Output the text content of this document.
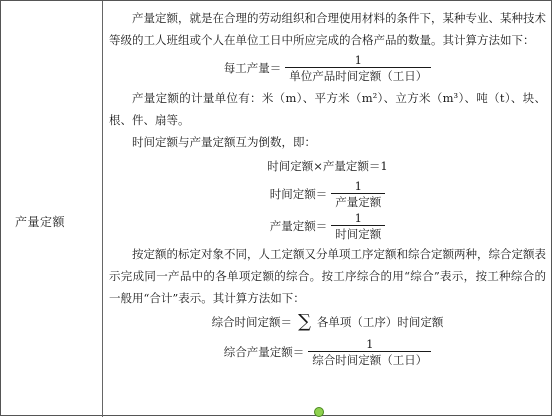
产量定额

产量定额，就是在合理的劳动组织和合理使用材料的条件下，某种专业、某种技术等级的工人班组或个人在单位工日中所应完成的合格产品的数量。其计算方法如下：

每工产量＝ $\frac{1}{\text{单位产品时间定额（工日）}}$

产量定额的计量单位有：米（m）、平方米（m²）、立方米（m³）、吨（t）、块、根、件、扇等。

时间定额与产量定额互为倒数，即：

时间定额×产量定额＝1
时间定额＝ $\frac{1}{\text{产量定额}}$
产量定额＝ $\frac{1}{\text{时间定额}}$

按定额的标定对象不同，人工定额又分单项工序定额和综合定额两种，综合定额表示完成同一产品中的各单项定额的综合。按工序综合的用“综合”表示，按工种综合的一般用“合计”表示。其计算方法如下：

综合时间定额＝ ∑ 各单项（工序）时间定额
综合产量定额＝ $\frac{1}{\text{综合时间定额（工日）}}$
